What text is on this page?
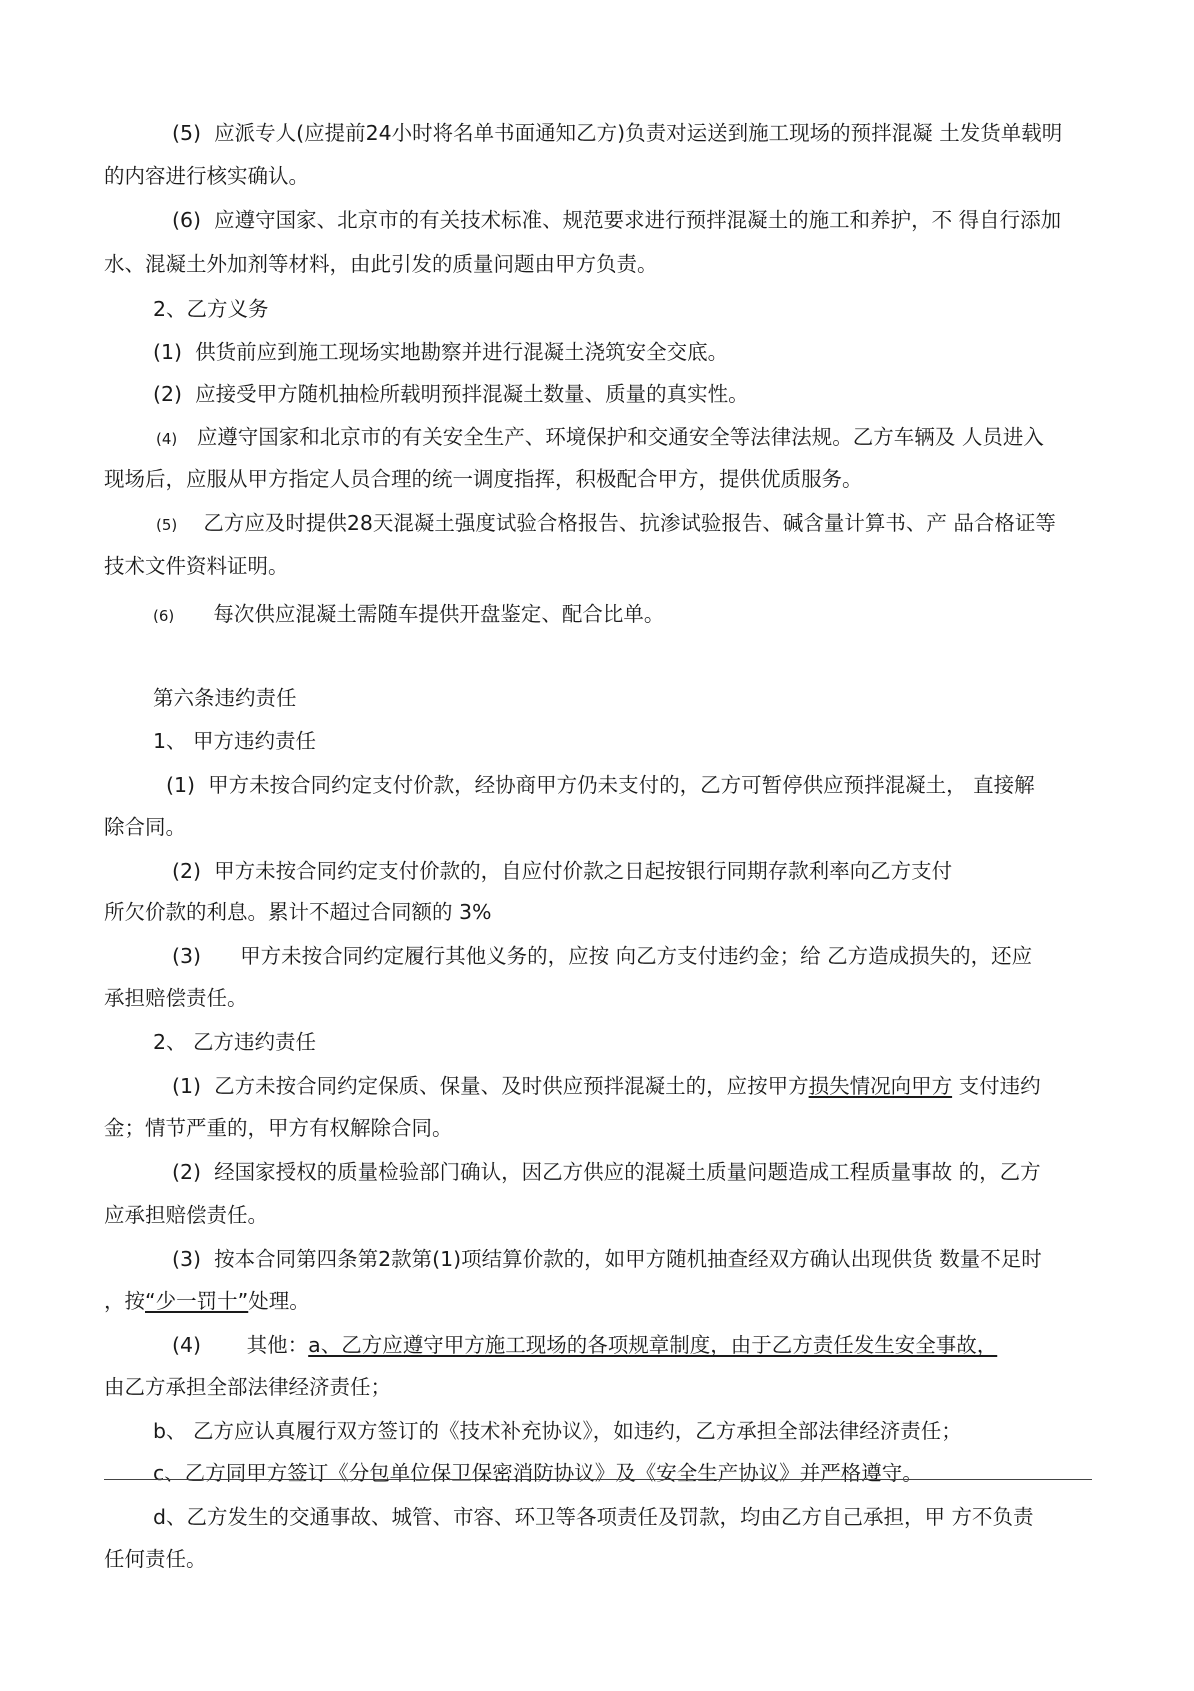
(5) 应派专人(应提前24小时将名单书面通知乙方)负责对运送到施工现场的预拌混凝 土发货单载明
的内容进行核实确认。
(6) 应遵守国家、北京市的有关技术标准、规范要求进行预拌混凝土的施工和养护，不 得自行添加
水、混凝土外加剂等材料，由此引发的质量问题由甲方负责。
2、乙方义务
(1) 供货前应到施工现场实地勘察并进行混凝土浇筑安全交底。
(2) 应接受甲方随机抽检所载明预拌混凝土数量、质量的真实性。
(4) 应遵守国家和北京市的有关安全生产、环境保护和交通安全等法律法规。乙方车辆及 人员进入
现场后，应服从甲方指定人员合理的统一调度指挥，积极配合甲方，提供优质服务。
(5) 乙方应及时提供28天混凝土强度试验合格报告、抗渗试验报告、碱含量计算书、产 品合格证等
技术文件资料证明。
(6) 每次供应混凝土需随车提供开盘鉴定、配合比单。
第六条违约责任
1、 甲方违约责任
(1) 甲方未按合同约定支付价款，经协商甲方仍未支付的，乙方可暂停供应预拌混凝土， 直接解
除合同。
(2) 甲方未按合同约定支付价款的，自应付价款之日起按银行同期存款利率向乙方支付
所欠价款的利息。累计不超过合同额的 3%
(3) 甲方未按合同约定履行其他义务的，应按 向乙方支付违约金；给 乙方造成损失的，还应
承担赔偿责任。
2、 乙方违约责任
(1) 乙方未按合同约定保质、保量、及时供应预拌混凝土的，应按甲方损失情况向甲方 支付违约
金；情节严重的，甲方有权解除合同。
(2) 经国家授权的质量检验部门确认，因乙方供应的混凝土质量问题造成工程质量事故 的，乙方
应承担赔偿责任。
(3) 按本合同第四条第2款第(1)项结算价款的，如甲方随机抽查经双方确认出现供货 数量不足时
，按“少一罚十”处理。
(4) 其他：a、乙方应遵守甲方施工现场的各项规章制度，由于乙方责任发生安全事故，
由乙方承担全部法律经济责任；
b、 乙方应认真履行双方签订的《技术补充协议》，如违约，乙方承担全部法律经济责任；
c、乙方同甲方签订《分包单位保卫保密消防协议》及《安全生产协议》并严格遵守。
d、乙方发生的交通事故、城管、市容、环卫等各项责任及罚款，均由乙方自己承担，甲 方不负责
任何责任。
